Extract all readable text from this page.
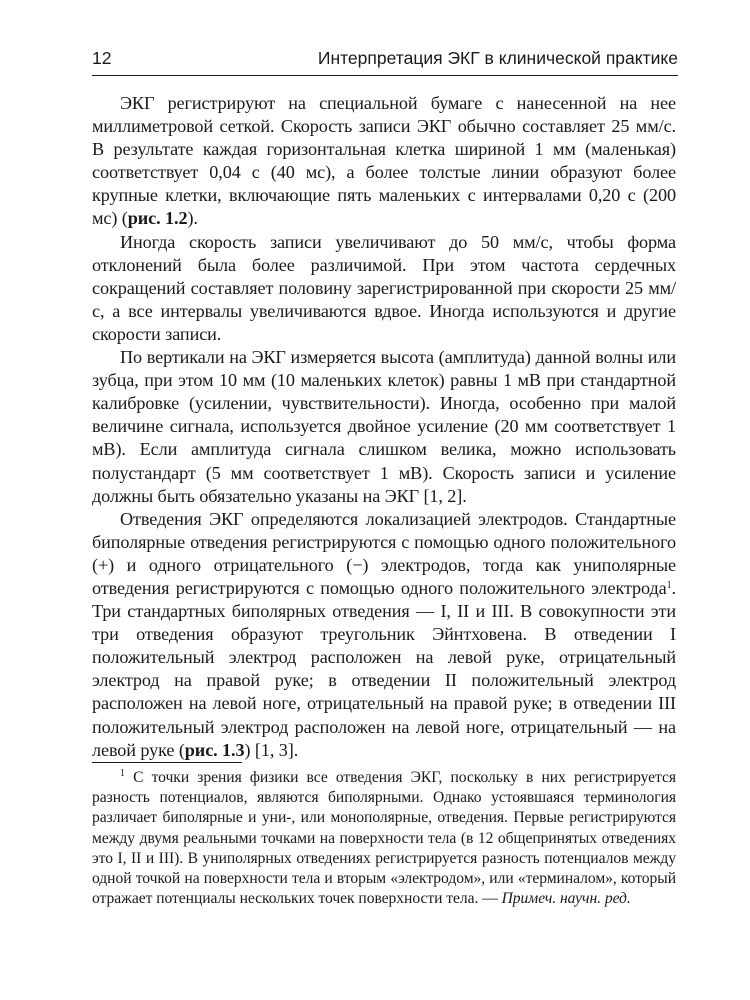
12	Интерпретация ЭКГ в клинической практике

ЭКГ регистрируют на специальной бумаге с нанесенной на нее миллиметровой сеткой. Скорость записи ЭКГ обычно составляет 25 мм/с. В результате каждая горизонтальная клетка шириной 1 мм (маленькая) соответствует 0,04 с (40 мс), а более толстые линии образуют более крупные клетки, включающие пять маленьких с интервалами 0,20 с (200 мс) (рис. 1.2).

Иногда скорость записи увеличивают до 50 мм/с, чтобы форма отклонений была более различимой. При этом частота сердечных сокращений составляет половину зарегистрированной при скорости 25 мм/с, а все интервалы увеличиваются вдвое. Иногда используются и другие скорости записи.

По вертикали на ЭКГ измеряется высота (амплитуда) данной волны или зубца, при этом 10 мм (10 маленьких клеток) равны 1 мВ при стандартной калибровке (усилении, чувствительности). Иногда, особенно при малой величине сигнала, используется двойное усиление (20 мм соответствует 1 мВ). Если амплитуда сигнала слишком велика, можно использовать полустандарт (5 мм соответствует 1 мВ). Скорость записи и усиление должны быть обязательно указаны на ЭКГ [1, 2].

Отведения ЭКГ определяются локализацией электродов. Стандартные биполярные отведения регистрируются с помощью одного положительного (+) и одного отрицательного (−) электродов, тогда как униполярные отведения регистрируются с помощью одного положительного электрода$^1$. Три стандартных биполярных отведения — I, II и III. В совокупности эти три отведения образуют треугольник Эйнтховена. В отведении I положительный электрод расположен на левой руке, отрицательный электрод на правой руке; в отведении II положительный электрод расположен на левой ноге, отрицательный на правой руке; в отведении III положительный электрод расположен на левой ноге, отрицательный — на левой руке (рис. 1.3) [1, 3].

$^1$ С точки зрения физики все отведения ЭКГ, поскольку в них регистрируется разность потенциалов, являются биполярными. Однако устоявшаяся терминология различает биполярные и уни-, или монополярные, отведения. Первые регистрируются между двумя реальными точками на поверхности тела (в 12 общепринятых отведениях это I, II и III). В униполярных отведениях регистрируется разность потенциалов между одной точкой на поверхности тела и вторым «электродом», или «терминалом», который отражает потенциалы нескольких точек поверхности тела. — Примеч. научн. ред.
